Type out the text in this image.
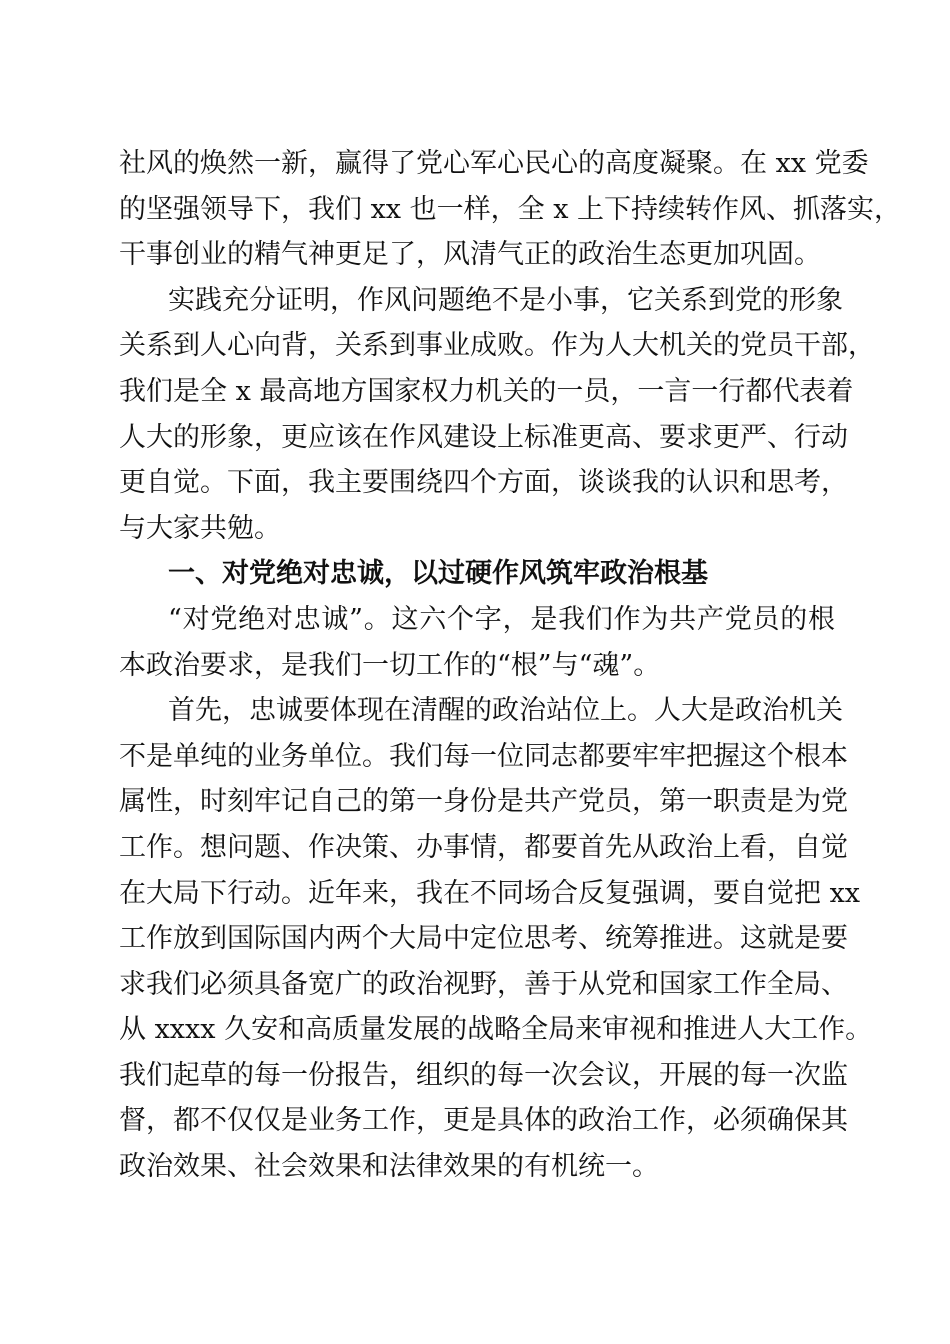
社风的焕然一新，赢得了党心军心民心的高度凝聚。在 xx 党委
的坚强领导下，我们 xx 也一样，全 x 上下持续转作风、抓落实，
干事创业的精气神更足了，风清气正的政治生态更加巩固。
实践充分证明，作风问题绝不是小事，它关系到党的形象
关系到人心向背，关系到事业成败。作为人大机关的党员干部，
我们是全 x 最高地方国家权力机关的一员，一言一行都代表着
人大的形象，更应该在作风建设上标准更高、要求更严、行动
更自觉。下面，我主要围绕四个方面，谈谈我的认识和思考，
与大家共勉。
一、对党绝对忠诚，以过硬作风筑牢政治根基
“对党绝对忠诚”。这六个字，是我们作为共产党员的根
本政治要求，是我们一切工作的“根”与“魂”。
首先，忠诚要体现在清醒的政治站位上。人大是政治机关
不是单纯的业务单位。我们每一位同志都要牢牢把握这个根本
属性，时刻牢记自己的第一身份是共产党员，第一职责是为党
工作。想问题、作决策、办事情，都要首先从政治上看，自觉
在大局下行动。近年来，我在不同场合反复强调，要自觉把 xx
工作放到国际国内两个大局中定位思考、统筹推进。这就是要
求我们必须具备宽广的政治视野，善于从党和国家工作全局、
从 xxxx 久安和高质量发展的战略全局来审视和推进人大工作。
我们起草的每一份报告，组织的每一次会议，开展的每一次监
督，都不仅仅是业务工作，更是具体的政治工作，必须确保其
政治效果、社会效果和法律效果的有机统一。
